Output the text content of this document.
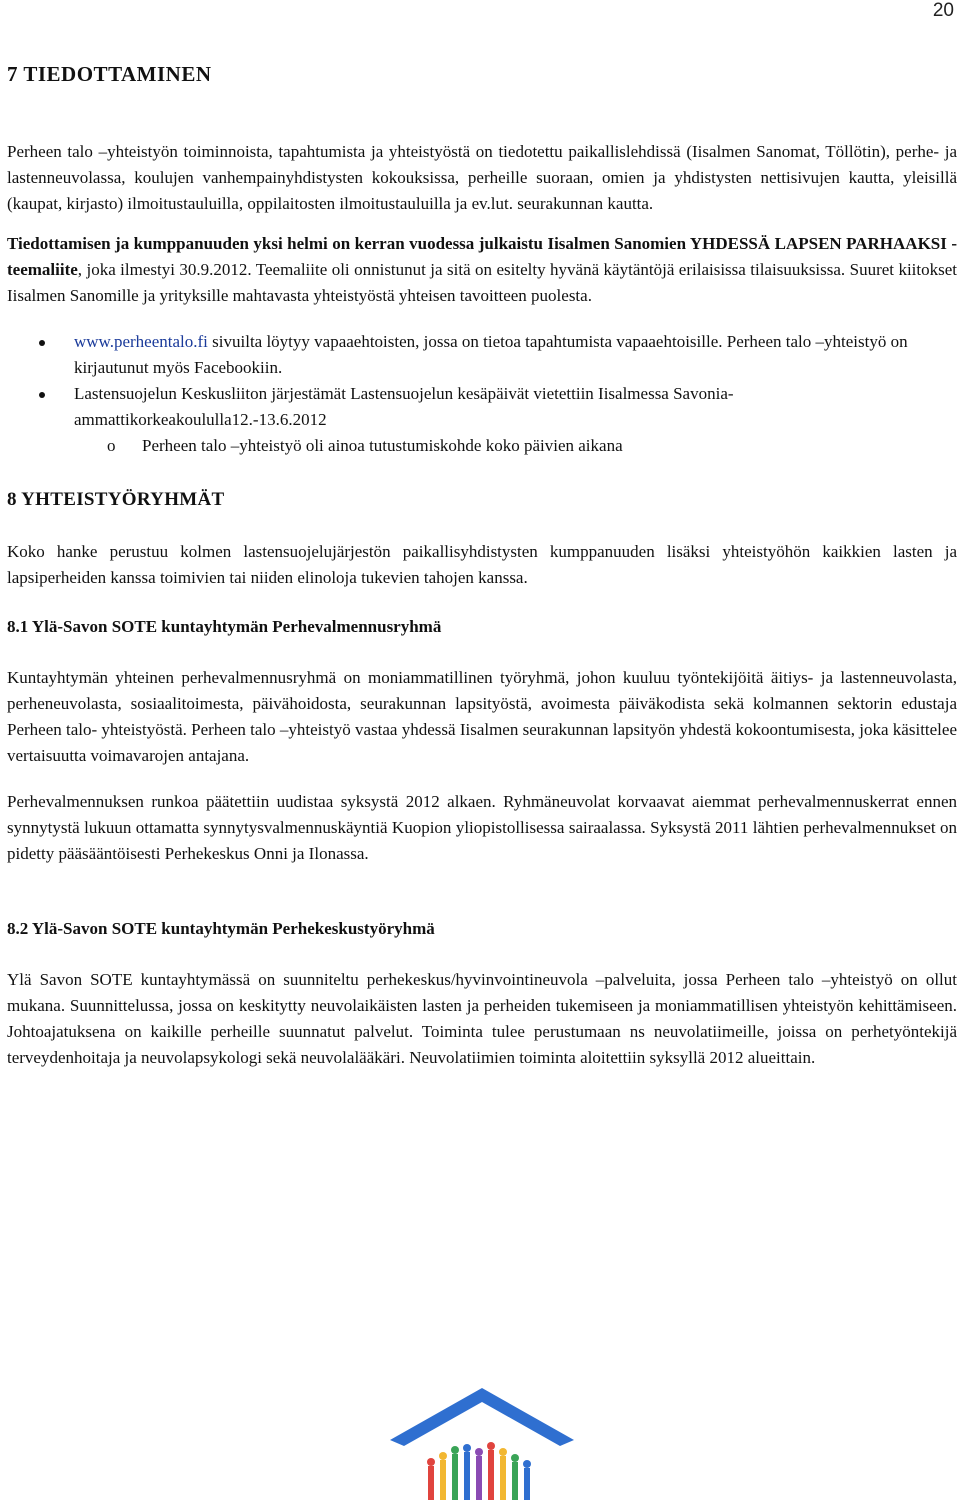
20
7 TIEDOTTAMINEN

Perheen talo –yhteistyön toiminnoista, tapahtumista ja yhteistyöstä on tiedotettu paikallislehdissä (Iisalmen Sanomat, Töllötin), perhe- ja lastenneuvolassa, koulujen vanhempainyhdistysten kokouksissa, perheille suoraan, omien ja yhdistysten nettisivujen kautta, yleisillä (kaupat, kirjasto) ilmoitustauluilla, oppilaitosten ilmoitustauluilla ja ev.lut. seurakunnan kautta.

Tiedottamisen ja kumppanuuden yksi helmi on kerran vuodessa julkaistu Iisalmen Sanomien YHDESSÄ LAPSEN PARHAAKSI -teemaliite, joka ilmestyi 30.9.2012. Teemaliite oli onnistunut ja sitä on esitelty hyvänä käytäntöjä erilaisissa tilaisuuksissa. Suuret kiitokset Iisalmen Sanomille ja yrityksille mahtavasta yhteistyöstä yhteisen tavoitteen puolesta.

www.perheentalo.fi sivuilta löytyy vapaaehtoisten, jossa on tietoa tapahtumista vapaaehtoisille. Perheen talo –yhteistyö on kirjautunut myös Facebookiin.
Lastensuojelun Keskusliiton järjestämät Lastensuojelun kesäpäivät vietettiin Iisalmessa Savonia-ammattikorkeakoululla12.-13.6.2012
o Perheen talo –yhteistyö oli ainoa tutustumiskohde koko päivien aikana
8 YHTEISTYÖRYHMÄT

Koko hanke perustuu kolmen lastensuojelujärjestön paikallisyhdistysten kumppanuuden lisäksi yhteistyöhön kaikkien lasten ja lapsiperheiden kanssa toimivien tai niiden elinoloja tukevien tahojen kanssa.

8.1 Ylä-Savon SOTE kuntayhtymän Perhevalmennusryhmä

Kuntayhtymän yhteinen perhevalmennusryhmä on moniammatillinen työryhmä, johon kuuluu työntekijöitä äitiys- ja lastenneuvolasta, perheneuvolasta, sosiaalitoimesta, päivähoidosta, seurakunnan lapsityöstä, avoimesta päiväkodista sekä kolmannen sektorin edustaja Perheen talo- yhteistyöstä. Perheen talo –yhteistyö vastaa yhdessä Iisalmen seurakunnan lapsityön yhdestä kokoontumisesta, joka käsittelee vertaisuutta voimavarojen antajana.

Perhevalmennuksen runkoa päätettiin uudistaa syksystä 2012 alkaen. Ryhmäneuvolat korvaavat aiemmat perhevalmennuskerrat ennen synnytystä lukuun ottamatta synnytysvalmennuskäyntiä Kuopion yliopistollisessa sairaalassa. Syksystä 2011 lähtien perhevalmennukset on pidetty pääsääntöisesti Perhekeskus Onni ja Ilonassa.

8.2 Ylä-Savon SOTE kuntayhtymän Perhekeskustyöryhmä

Ylä Savon SOTE kuntayhtymässä on suunniteltu perhekeskus/hyvinvointineuvola –palveluita, jossa Perheen talo –yhteistyö on ollut mukana. Suunnittelussa, jossa on keskitytty neuvolaikäisten lasten ja perheiden tukemiseen ja moniammatillisen yhteistyön kehittämiseen. Johtoajatuksena on kaikille perheille suunnatut palvelut. Toiminta tulee perustumaan ns neuvolatiimeille, joissa on perhetyöntekijä terveydenhoitaja ja neuvolapsykologi sekä neuvolalääkäri. Neuvolatiimien toiminta aloitettiin syksyllä 2012 alueittain.
